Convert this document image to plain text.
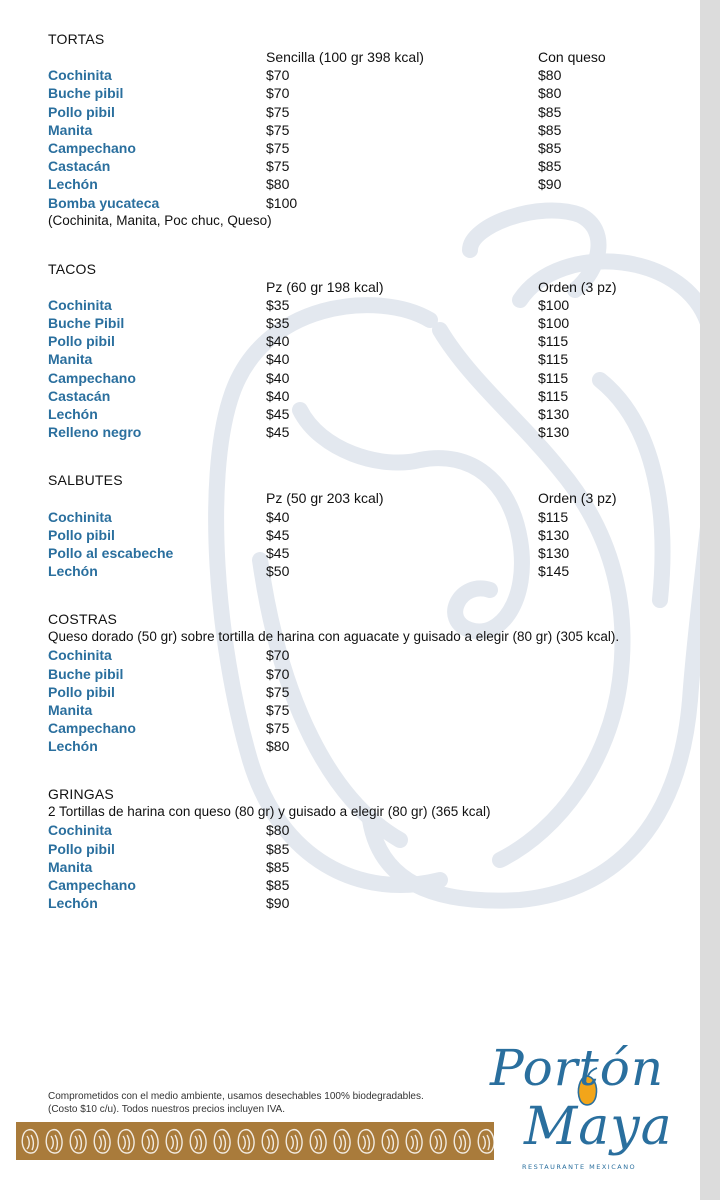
TORTAS
Sencilla (100 gr 398 kcal)	Con queso
Cochinita	$70	$80
Buche pibil	$70	$80
Pollo pibil	$75	$85
Manita	$75	$85
Campechano	$75	$85
Castacán	$75	$85
Lechón	$80	$90
Bomba yucateca	$100
(Cochinita, Manita, Poc chuc, Queso)
TACOS
Pz (60 gr 198 kcal)	Orden (3 pz)
Cochinita	$35	$100
Buche Pibil	$35	$100
Pollo pibil	$40	$115
Manita	$40	$115
Campechano	$40	$115
Castacán	$40	$115
Lechón	$45	$130
Relleno negro	$45	$130
SALBUTES
Pz (50 gr 203 kcal)	Orden (3 pz)
Cochinita	$40	$115
Pollo pibil	$45	$130
Pollo al escabeche	$45	$130
Lechón	$50	$145
COSTRAS
Queso dorado (50 gr) sobre tortilla de harina con aguacate y guisado a elegir (80 gr) (305 kcal).
Cochinita	$70
Buche pibil	$70
Pollo pibil	$75
Manita	$75
Campechano	$75
Lechón	$80
GRINGAS
2 Tortillas de harina con queso (80 gr) y guisado a elegir (80 gr) (365 kcal)
Cochinita	$80
Pollo pibil	$85
Manita	$85
Campechano	$85
Lechón	$90
Comprometidos con el medio ambiente, usamos desechables 100% biodegradables.
(Costo $10 c/u). Todos nuestros precios incluyen IVA.
Portón
Maya
RESTAURANTE MEXICANO
